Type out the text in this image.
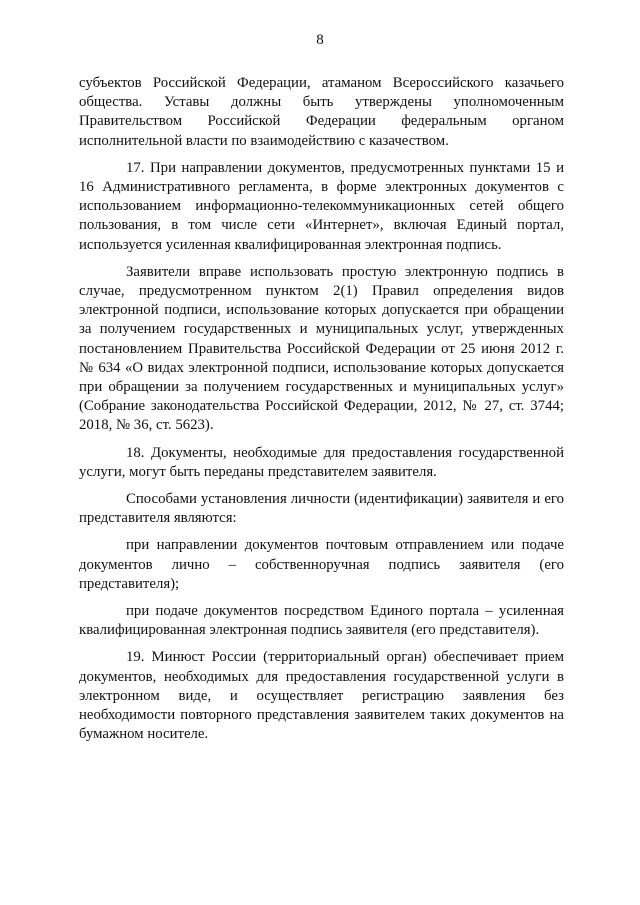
8

субъектов Российской Федерации, атаманом Всероссийского казачьего общества. Уставы должны быть утверждены уполномоченным Правительством Российской Федерации федеральным органом исполнительной власти по взаимодействию с казачеством.

17. При направлении документов, предусмотренных пунктами 15 и 16 Административного регламента, в форме электронных документов с использованием информационно-телекоммуникационных сетей общего пользования, в том числе сети «Интернет», включая Единый портал, используется усиленная квалифицированная электронная подпись.

Заявители вправе использовать простую электронную подпись в случае, предусмотренном пунктом 2(1) Правил определения видов электронной подписи, использование которых допускается при обращении за получением государственных и муниципальных услуг, утвержденных постановлением Правительства Российской Федерации от 25 июня 2012 г. № 634 «О видах электронной подписи, использование которых допускается при обращении за получением государственных и муниципальных услуг» (Собрание законодательства Российской Федерации, 2012, № 27, ст. 3744; 2018, № 36, ст. 5623).

18. Документы, необходимые для предоставления государственной услуги, могут быть переданы представителем заявителя.

Способами установления личности (идентификации) заявителя и его представителя являются:

при направлении документов почтовым отправлением или подаче документов лично – собственноручная подпись заявителя (его представителя);

при подаче документов посредством Единого портала – усиленная квалифицированная электронная подпись заявителя (его представителя).

19. Минюст России (территориальный орган) обеспечивает прием документов, необходимых для предоставления государственной услуги в электронном виде, и осуществляет регистрацию заявления без необходимости повторного представления заявителем таких документов на бумажном носителе.
